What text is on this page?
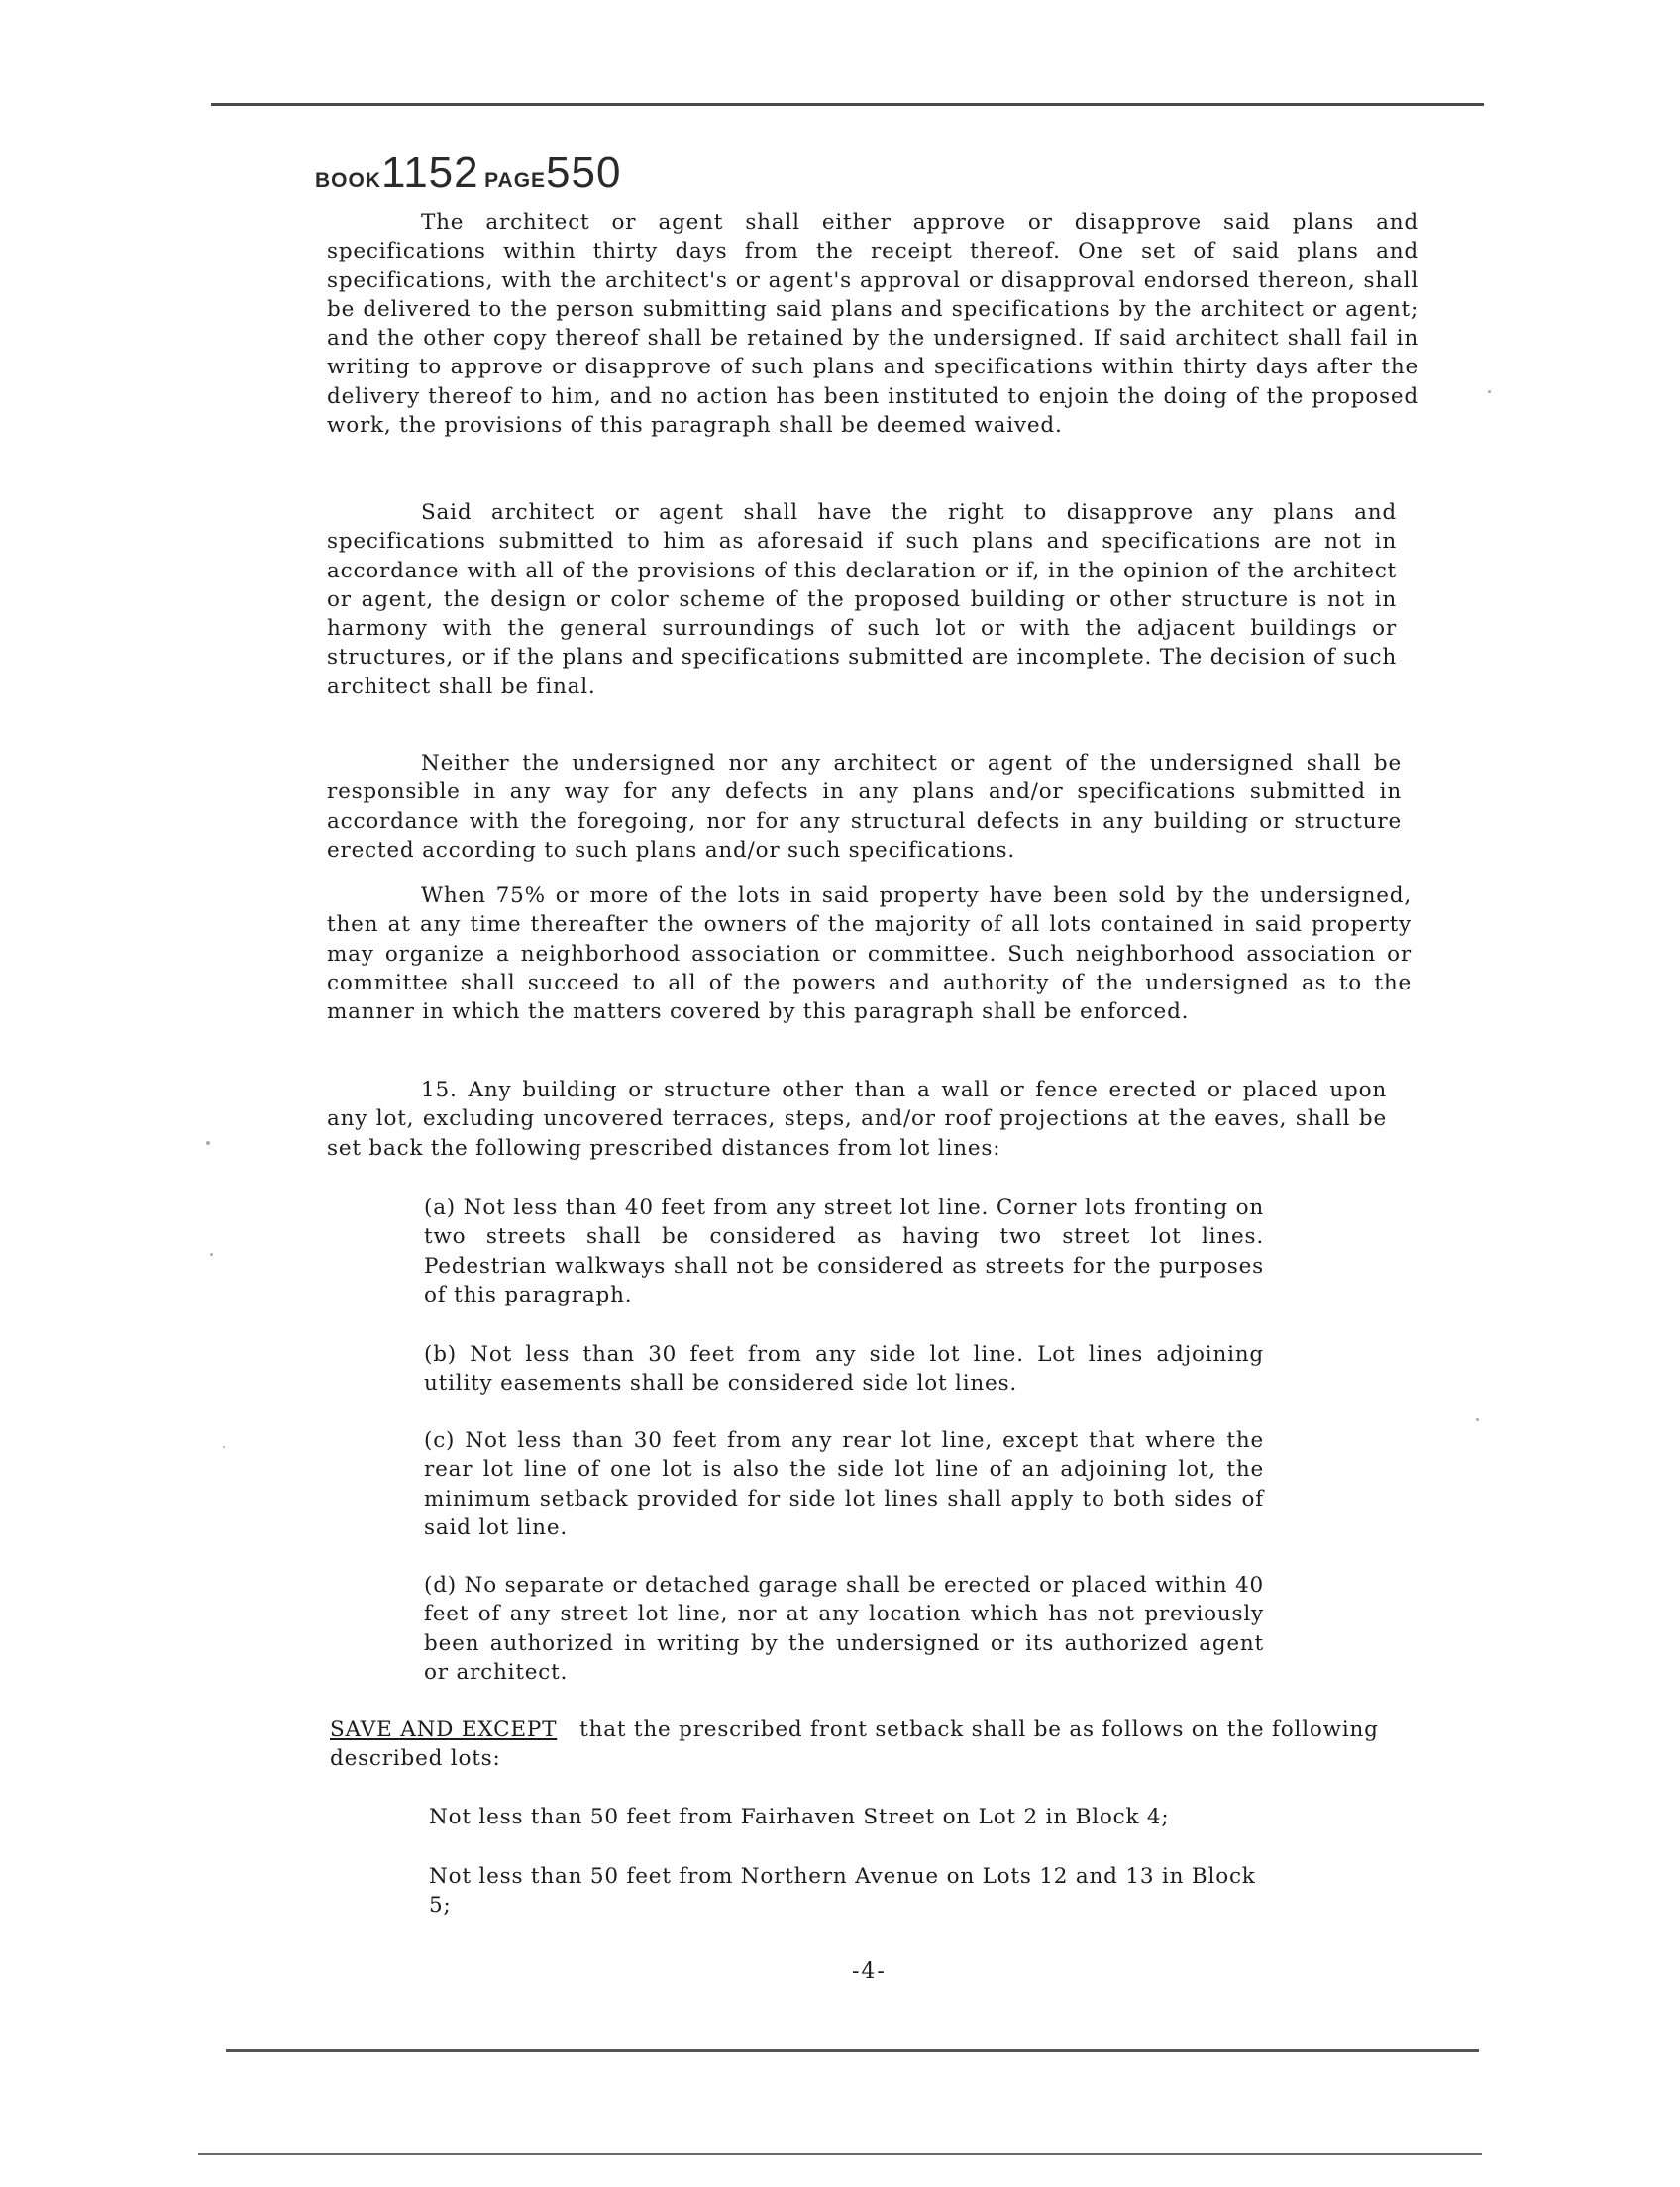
BOOK1152 PAGE550

The architect or agent shall either approve or disapprove said plans and specifications within thirty days from the receipt thereof. One set of said plans and specifications, with the architect's or agent's approval or disapproval endorsed thereon, shall be delivered to the person submitting said plans and specifications by the architect or agent; and the other copy thereof shall be retained by the undersigned. If said architect shall fail in writing to approve or disapprove of such plans and specifications within thirty days after the delivery thereof to him, and no action has been instituted to enjoin the doing of the proposed work, the provisions of this paragraph shall be deemed waived.

Said architect or agent shall have the right to disapprove any plans and specifications submitted to him as aforesaid if such plans and specifications are not in accordance with all of the provisions of this declaration or if, in the opinion of the architect or agent, the design or color scheme of the proposed building or other structure is not in harmony with the general surroundings of such lot or with the adjacent buildings or structures, or if the plans and specifications submitted are incomplete. The decision of such architect shall be final.

Neither the undersigned nor any architect or agent of the undersigned shall be responsible in any way for any defects in any plans and/or specifications submitted in accordance with the foregoing, nor for any structural defects in any building or structure erected according to such plans and/or such specifications.

When 75% or more of the lots in said property have been sold by the undersigned, then at any time thereafter the owners of the majority of all lots contained in said property may organize a neighborhood association or committee. Such neighborhood association or committee shall succeed to all of the powers and authority of the undersigned as to the manner in which the matters covered by this paragraph shall be enforced.

15. Any building or structure other than a wall or fence erected or placed upon any lot, excluding uncovered terraces, steps, and/or roof projections at the eaves, shall be set back the following prescribed distances from lot lines:

(a) Not less than 40 feet from any street lot line. Corner lots fronting on two streets shall be considered as having two street lot lines. Pedestrian walkways shall not be considered as streets for the purposes of this paragraph.

(b) Not less than 30 feet from any side lot line. Lot lines adjoining utility easements shall be considered side lot lines.

(c) Not less than 30 feet from any rear lot line, except that where the rear lot line of one lot is also the side lot line of an adjoining lot, the minimum setback provided for side lot lines shall apply to both sides of said lot line.

(d) No separate or detached garage shall be erected or placed within 40 feet of any street lot line, nor at any location which has not previously been authorized in writing by the undersigned or its authorized agent or architect.

SAVE AND EXCEPT that the prescribed front setback shall be as follows on the following described lots:

Not less than 50 feet from Fairhaven Street on Lot 2 in Block 4;

Not less than 50 feet from Northern Avenue on Lots 12 and 13 in Block 5;

-4-
